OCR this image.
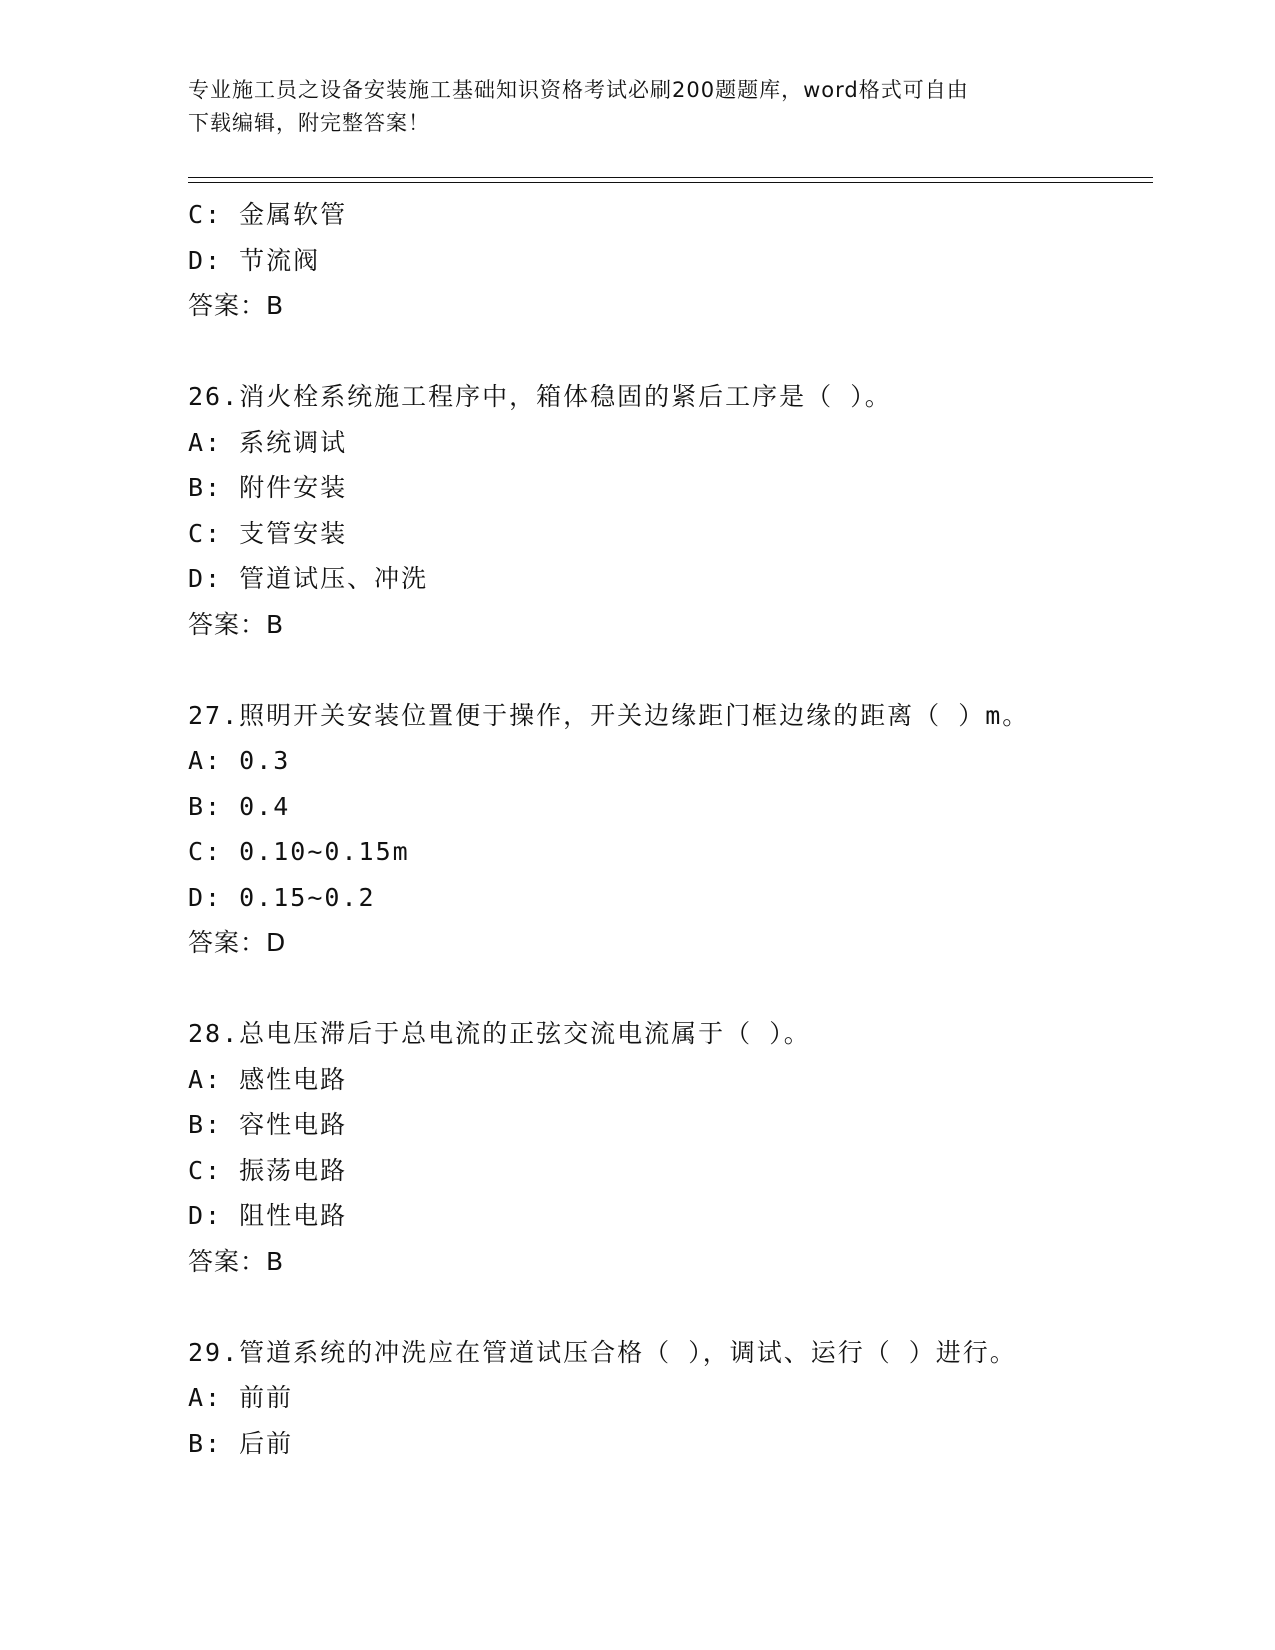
专业施工员之设备安装施工基础知识资格考试必刷200题题库，word格式可自由
下载编辑，附完整答案！
C: 金属软管
D: 节流阀
答案：B
26.消火栓系统施工程序中，箱体稳固的紧后工序是（ ）。
A: 系统调试
B: 附件安装
C: 支管安装
D: 管道试压、冲洗
答案：B
27.照明开关安装位置便于操作，开关边缘距门框边缘的距离（ ）m。
A: 0.3
B: 0.4
C: 0.10~0.15m
D: 0.15~0.2
答案：D
28.总电压滞后于总电流的正弦交流电流属于（ ）。
A: 感性电路
B: 容性电路
C: 振荡电路
D: 阻性电路
答案：B
29.管道系统的冲洗应在管道试压合格（ ），调试、运行（ ）进行。
A: 前前
B: 后前
